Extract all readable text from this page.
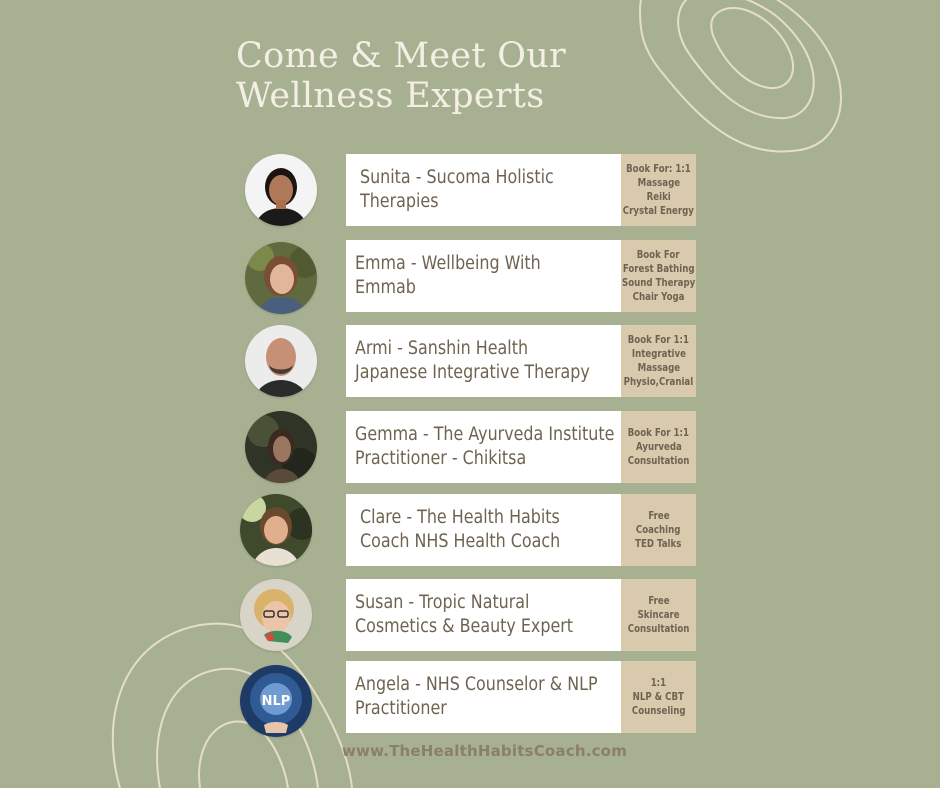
Come & Meet Our
Wellness Experts
Sunita - Sucoma Holistic
Therapies
Book For: 1:1
Massage
Reiki
Crystal Energy
Emma - Wellbeing With
Emmab
Book For
Forest Bathing
Sound Therapy
Chair Yoga
Armi - Sanshin Health
Japanese Integrative Therapy
Book For 1:1
Integrative
Massage
Physio,Cranial
Gemma - The Ayurveda Institute
Practitioner - Chikitsa
Book For 1:1
Ayurveda
Consultation
Clare - The Health Habits
Coach NHS Health Coach
Free
Coaching
TED Talks
Susan - Tropic Natural
Cosmetics & Beauty Expert
Free
Skincare
Consultation
NLP
Angela - NHS Counselor & NLP
Practitioner
1:1
NLP & CBT
Counseling
www.TheHealthHabitsCoach.com
